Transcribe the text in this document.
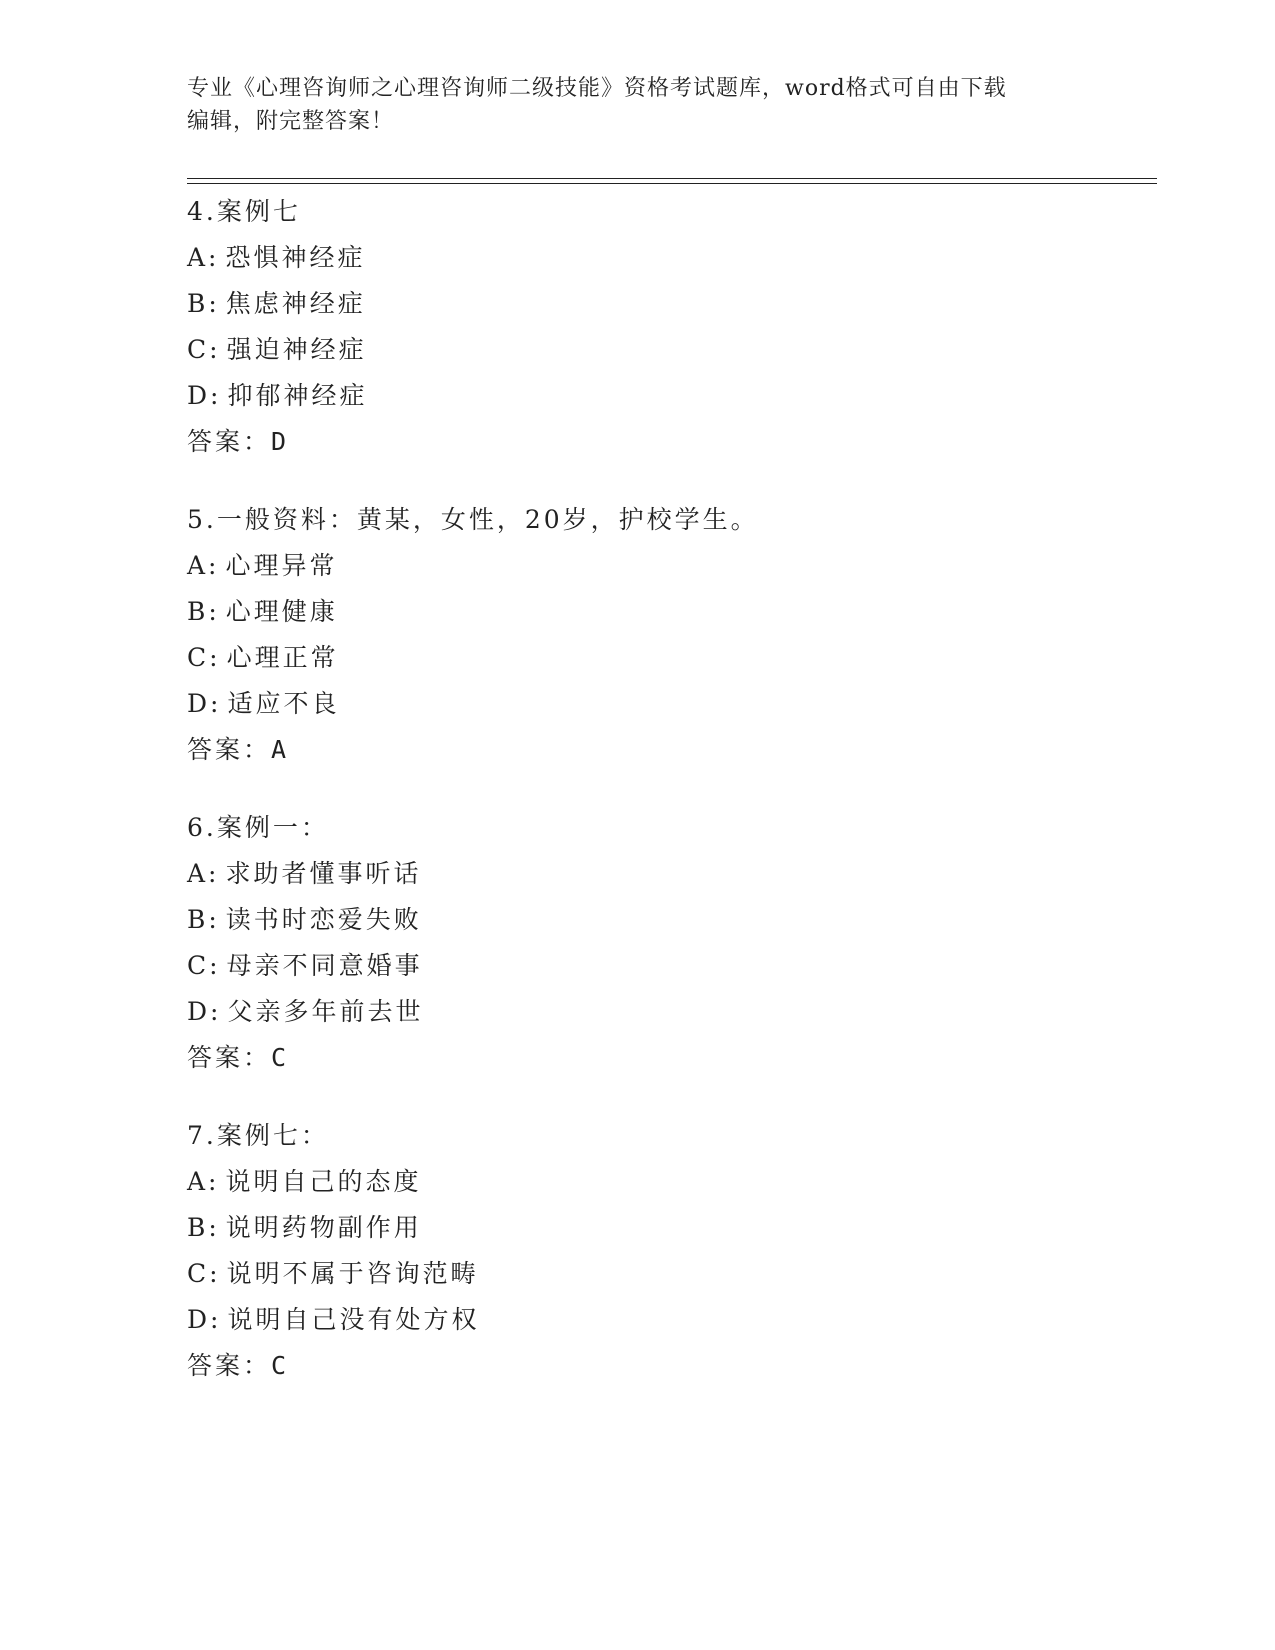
专业《心理咨询师之心理咨询师二级技能》资格考试题库，word格式可自由下载
编辑，附完整答案！
4.案例七
A: 恐惧神经症
B: 焦虑神经症
C: 强迫神经症
D: 抑郁神经症
答案：D
5.一般资料：黄某，女性，20岁，护校学生。
A: 心理异常
B: 心理健康
C: 心理正常
D: 适应不良
答案：A
6.案例一：
A: 求助者懂事听话
B: 读书时恋爱失败
C: 母亲不同意婚事
D: 父亲多年前去世
答案：C
7.案例七：
A: 说明自己的态度
B: 说明药物副作用
C: 说明不属于咨询范畴
D: 说明自己没有处方权
答案：C
